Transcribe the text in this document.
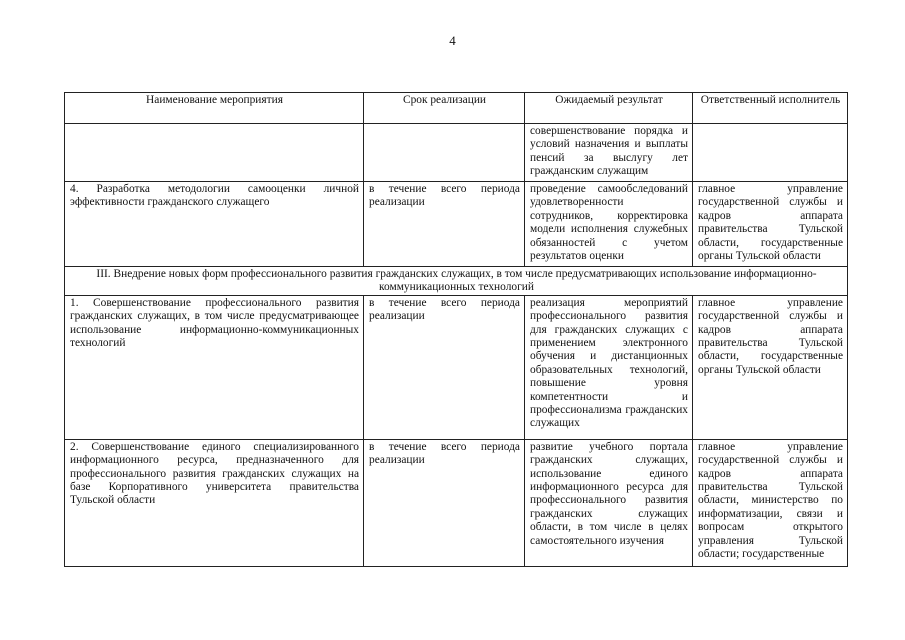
4
Наименование мероприятия	Срок реализации	Ожидаемый результат	Ответственный исполнитель
		совершенствование порядка и условий назначения и выплаты пенсий за выслугу лет гражданским служащим	
4. Разработка методологии самооценки личной эффективности гражданского служащего	в течение всего периода реализации	проведение самообследований удовлетворенности сотрудников, корректировка модели исполнения служебных обязанностей с учетом результатов оценки	главное управление государственной службы и кадров аппарата правительства Тульской области, государственные органы Тульской области
III. Внедрение новых форм профессионального развития гражданских служащих, в том числе предусматривающих использование информационно-коммуникационных технологий			
1. Совершенствование профессионального развития гражданских служащих, в том числе предусматривающее использование информационно-коммуникационных технологий	в течение всего периода реализации	реализация мероприятий профессионального развития для гражданских служащих с применением электронного обучения и дистанционных образовательных технологий, повышение уровня компетентности и профессионализма гражданских служащих	главное управление государственной службы и кадров аппарата правительства Тульской области, государственные органы Тульской области
2. Совершенствование единого специализированного информационного ресурса, предназначенного для профессионального развития гражданских служащих на базе Корпоративного университета правительства Тульской области	в течение всего периода реализации	развитие учебного портала гражданских служащих, использование единого информационного ресурса для профессионального развития гражданских служащих области, в том числе в целях самостоятельного изучения	главное управление государственной службы и кадров аппарата правительства Тульской области, министерство по информатизации, связи и вопросам открытого управления Тульской области; государственные
